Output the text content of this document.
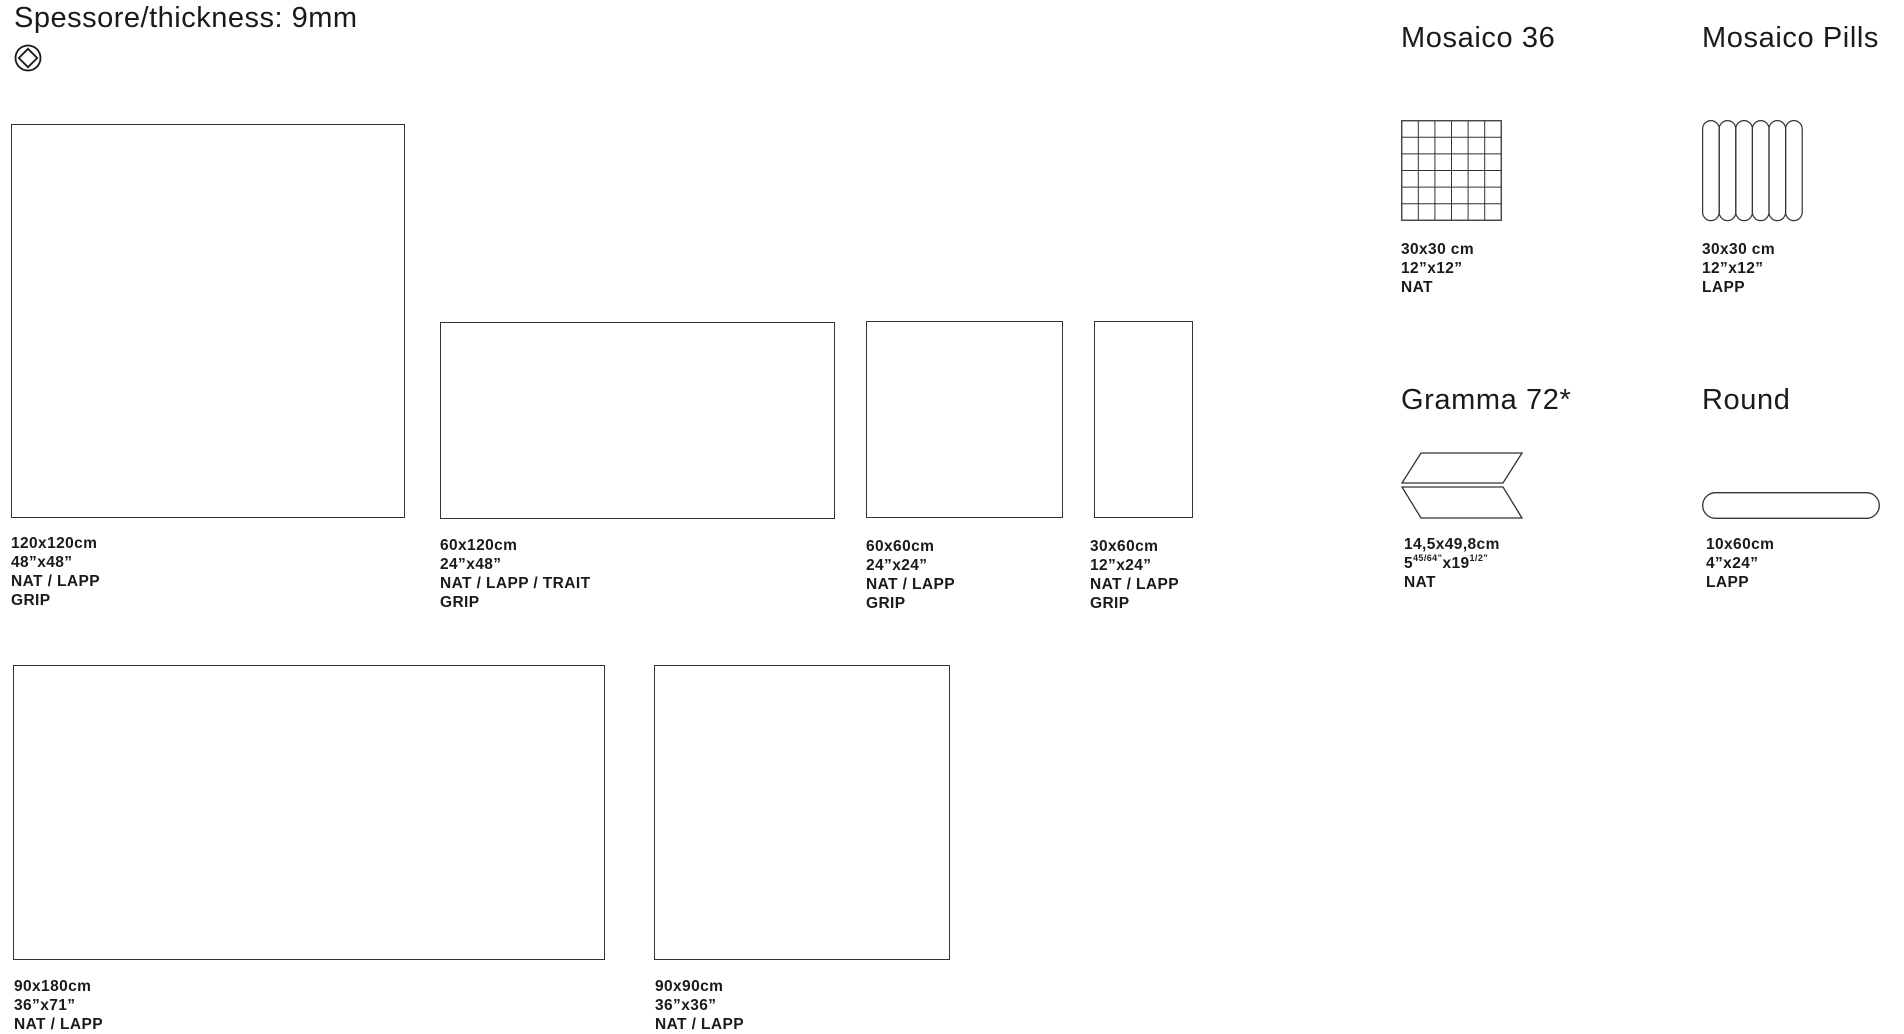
Spessore/thickness: 9mm
120x120cm
48”x48”
NAT / LAPP
GRIP
60x120cm
24”x48”
NAT / LAPP / TRAIT
GRIP
60x60cm
24”x24”
NAT / LAPP
GRIP
30x60cm
12”x24”
NAT / LAPP
GRIP
90x180cm
36”x71”
NAT / LAPP
90x90cm
36”x36”
NAT / LAPP
Mosaico 36
30x30 cm
12”x12”
NAT
Mosaico Pills
30x30 cm
12”x12”
LAPP
Gramma 72*
14,5x49,8cm
$5^{45/64”}x19^{1/2”}$
NAT
Round
10x60cm
4”x24”
LAPP
